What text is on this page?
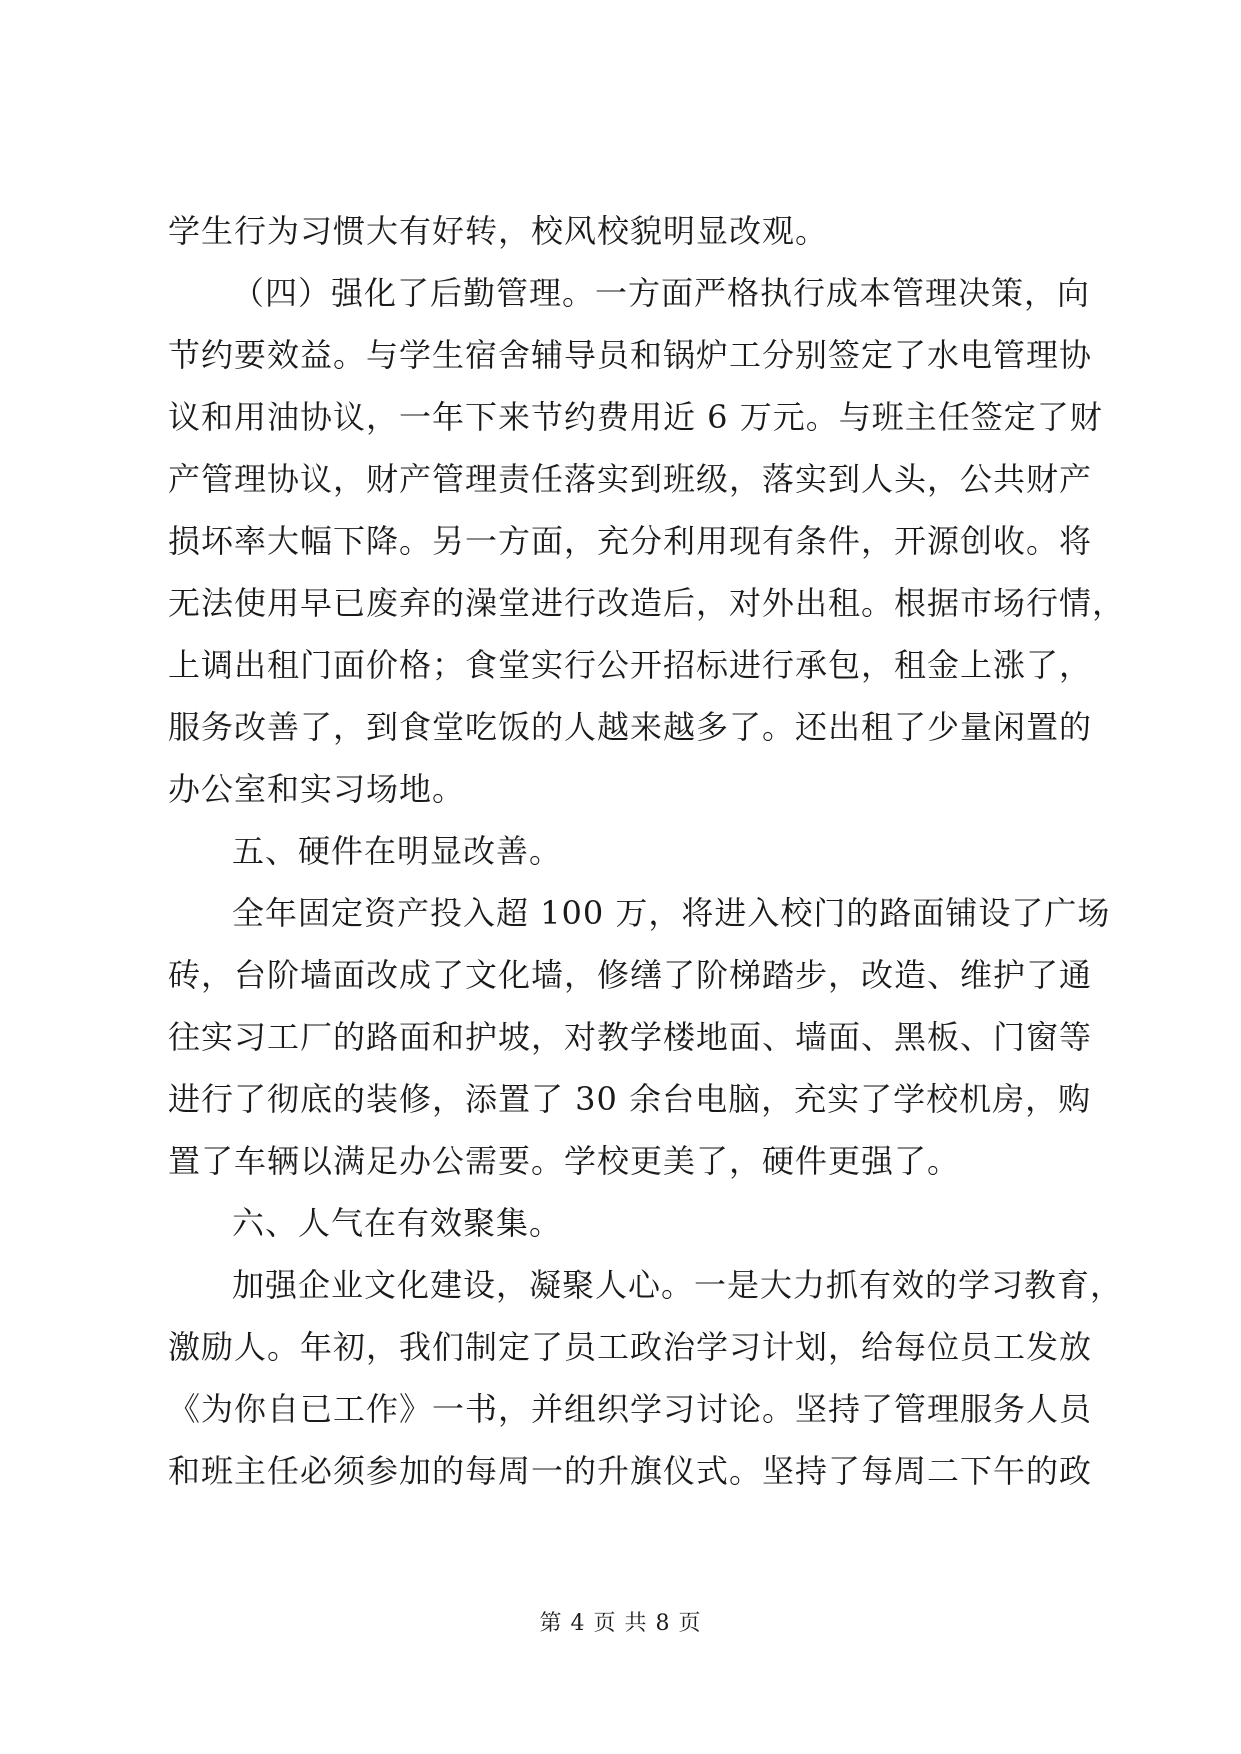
学生行为习惯大有好转，校风校貌明显改观。
（四）强化了后勤管理。一方面严格执行成本管理决策，向
节约要效益。与学生宿舍辅导员和锅炉工分别签定了水电管理协
议和用油协议，一年下来节约费用近 6 万元。与班主任签定了财
产管理协议，财产管理责任落实到班级，落实到人头，公共财产
损坏率大幅下降。另一方面，充分利用现有条件，开源创收。将
无法使用早已废弃的澡堂进行改造后，对外出租。根据市场行情，
上调出租门面价格；食堂实行公开招标进行承包，租金上涨了，
服务改善了，到食堂吃饭的人越来越多了。还出租了少量闲置的
办公室和实习场地。
五、硬件在明显改善。
全年固定资产投入超 100 万，将进入校门的路面铺设了广场
砖，台阶墙面改成了文化墙，修缮了阶梯踏步，改造、维护了通
往实习工厂的路面和护坡，对教学楼地面、墙面、黑板、门窗等
进行了彻底的装修，添置了 30 余台电脑，充实了学校机房，购
置了车辆以满足办公需要。学校更美了，硬件更强了。
六、人气在有效聚集。
加强企业文化建设，凝聚人心。一是大力抓有效的学习教育，
激励人。年初，我们制定了员工政治学习计划，给每位员工发放
《为你自已工作》一书，并组织学习讨论。坚持了管理服务人员
和班主任必须参加的每周一的升旗仪式。坚持了每周二下午的政
第 4 页 共 8 页
